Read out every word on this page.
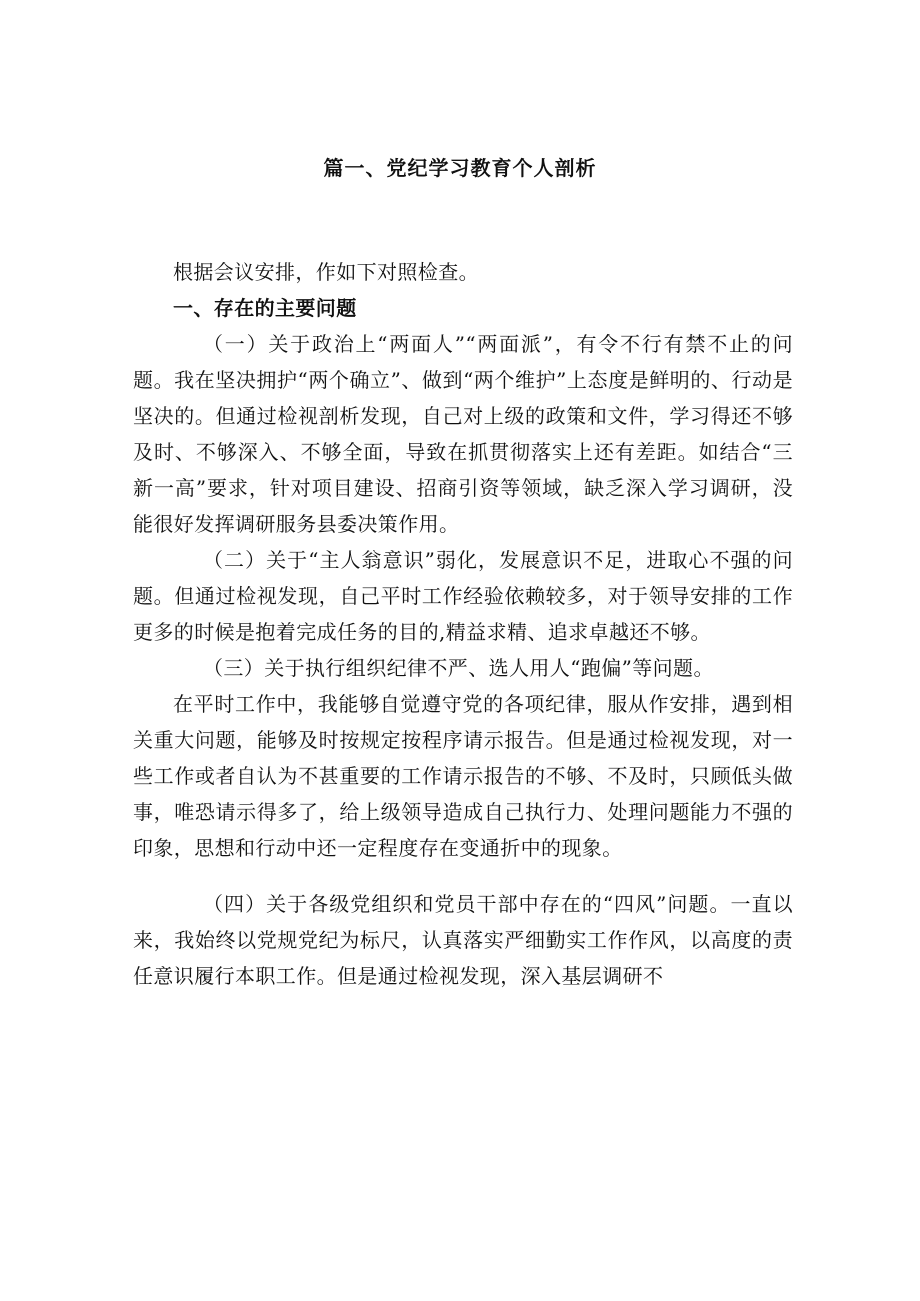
篇一、党纪学习教育个人剖析

根据会议安排，作如下对照检查。

一、存在的主要问题

（一）关于政治上“两面人”“两面派”，有令不行有禁不止的问题。我在坚决拥护“两个确立”、做到“两个维护”上态度是鲜明的、行动是坚决的。但通过检视剖析发现，自己对上级的政策和文件，学习得还不够及时、不够深入、不够全面，导致在抓贯彻落实上还有差距。如结合“三新一高”要求，针对项目建设、招商引资等领域，缺乏深入学习调研，没能很好发挥调研服务县委决策作用。

（二）关于“主人翁意识”弱化，发展意识不足，进取心不强的问题。但通过检视发现，自己平时工作经验依赖较多，对于领导安排的工作更多的时候是抱着完成任务的目的,精益求精、追求卓越还不够。

（三）关于执行组织纪律不严、选人用人“跑偏”等问题。

在平时工作中，我能够自觉遵守党的各项纪律，服从作安排，遇到相关重大问题，能够及时按规定按程序请示报告。但是通过检视发现，对一些工作或者自认为不甚重要的工作请示报告的不够、不及时，只顾低头做事，唯恐请示得多了，给上级领导造成自己执行力、处理问题能力不强的印象，思想和行动中还一定程度存在变通折中的现象。

（四）关于各级党组织和党员干部中存在的“四风”问题。一直以来，我始终以党规党纪为标尺，认真落实严细勤实工作作风，以高度的责任意识履行本职工作。但是通过检视发现，深入基层调研不
